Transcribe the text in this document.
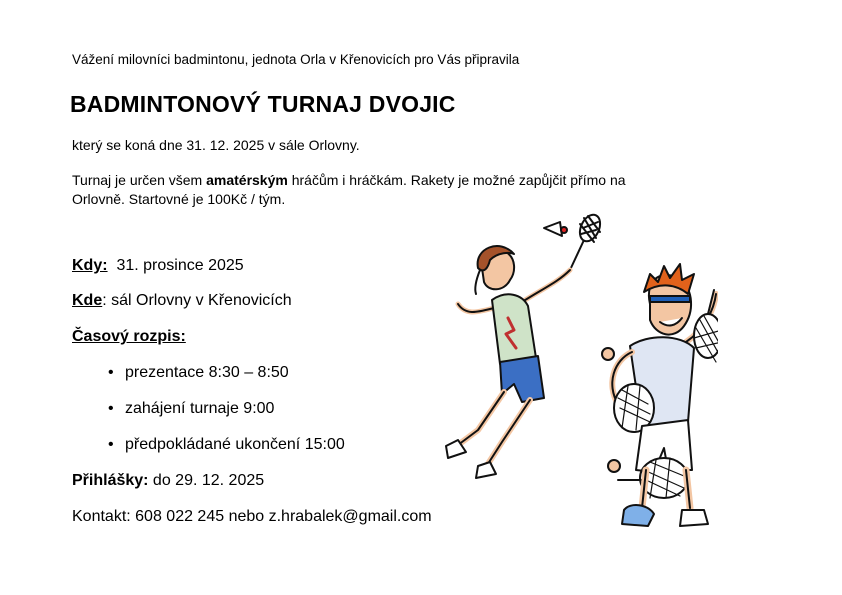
Vážení milovníci badmintonu, jednota Orla v Křenovicích pro Vás připravila
BADMINTONOVÝ TURNAJ DVOJIC
který se koná dne 31. 12. 2025 v sále Orlovny.
Turnaj je určen všem amatérským hráčům i hráčkám. Rakety je možné zapůjčit přímo na
Orlovně. Startovné je 100Kč / tým.
Kdy: 31. prosince 2025
Kde: sál Orlovny v Křenovicích
Časový rozpis:
• prezentace 8:30 – 8:50
• zahájení turnaje 9:00
• předpokládané ukončení 15:00
Přihlášky: do 29. 12. 2025
Kontakt: 608 022 245 nebo z.hrabalek@gmail.com
